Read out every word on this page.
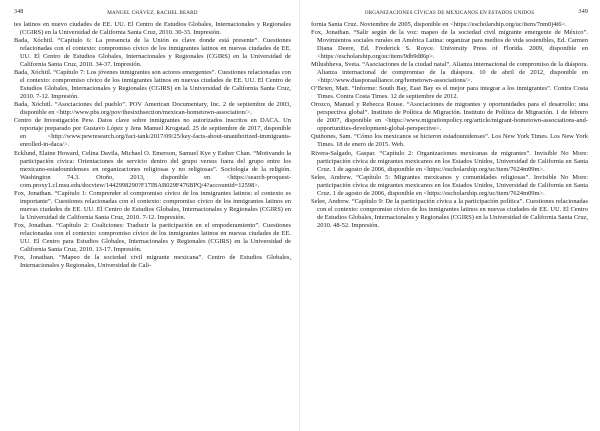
348	MANUEL CHÁVEZ, RACHEL BEARD

tes latinos en nuevo ciudades de EE. UU. El Centro de Estudios Globales, Internacionales y Regionales (CGIRS) en la Universidad de California Santa Cruz, 2010. 30-33. Impresión.

Bada, Xóchitl. “Capítulo 6: La presencia de la Unión es clave donde está presente”. Cuestiones relacionadas con el contexto: compromiso cívico de los inmigrantes latinos en nuevas ciudades de EE. UU. El Centro de Estudios Globales, Internacionales y Regionales (CGIRS) en la Universidad de California Santa Cruz, 2010. 34-37. Impresión.

Bada, Xóchitl. “Capítulo 7: Los jóvenes inmigrantes son actores emergentes”. Cuestiones relacionadas con el contexto: compromiso cívico de los inmigrantes latinos en nuevas ciudades de EE. UU. El Centro de Estudios Globales, Internacionales y Regionales (CGIRS) en la Universidad de California Santa Cruz, 2010. 7-12. Impresión.

Bada, Xóchitl. “Asociaciones del pueblo”. POV American Documentary, Inc. 2 de septiembre de 2003, disponible en <http://www.pbs.org/pov/thesixthsection/mexican-hometown-association/>.

Centro de Investigación Pew. Datos clave sobre inmigrantes no autorizados inscritos en DACA. Un reportaje preparado por Gustavo López y Jens Manuel Krogstad. 25 de septiembre de 2017, disponible en <http://www.pewresearch.org/fact-tank/2017/09/25/key-facts-about-unauthorized-immigrants-enrolled-in-daca/>.

Ecklund, Elaine Howard, Celina Davila, Michael O. Emerson, Samuel Kye y Esther Chan. “Motivando la participación cívica: Orientaciones de servicio dentro del grupo versus fuera del grupo entre los mexicano-estadounidenses en organizaciones religiosas y no religiosas”. Sociología de la religión. Washington 74.3. Otoño, 2013, disponible en <https://search-proquest-com.proxy1.cl.msu.edu/docview/1442998290?F17IBAB029F476BPQ/4?accountid=12598>.

Fox, Jonathan. “Capítulo 1: Comprender el compromiso cívico de los inmigrantes latinos: el contexto es importante”. Cuestiones relacionadas con el contexto: compromiso cívico de los inmigrantes latinos en nuevas ciudades de EE. UU. El Centro de Estudios Globales, Internacionales y Regionales (CGIRS) en la Universidad de California Santa Cruz, 2010. 7-12. Impresión.

Fox, Jonathan. “Capítulo 2: Coaliciones: Traducir la participación en el empoderamiento”. Cuestiones relacionadas con el contexto: compromiso cívico de los inmigrantes latinos en nuevas ciudades de EE. UU. El Centro para Estudios Globales, Internacionales y Regionales (CGIRS) en la Universidad de California Santa Cruz, 2010. 13-17. Impresión.

Fox, Jonathan. “Mapeo de la sociedad civil migrante mexicana”. Centro de Estudios Globales, Internacionales y Regionales, Universidad de Cali-

ORGANIZACIONES CÍVICAS DE MEXICANOS EN ESTADOS UNIDOS	349

fornia Santa Cruz. Noviembre de 2005, disponible en <https://escholarship.org/uc/item/7nm0j4t6>.

Fox, Jonathan. “Salir según de la voz: mapeo de la sociedad civil migrante emergente de México”. Movimientos sociales rurales en América Latina: organizar para medios de vida sostenibles, Ed. Carmen Diana Deere, Ed. Frederick S. Royce. University Press of Florida. 2009, disponible en <https://escholarship.org/uc/item/9db9d86p>.

Milushheva, Sveta. “Asociaciones de la ciudad natal”. Alianza internacional de compromiso de la diáspora. Alianza internacional de compromiso de la diáspora. 10 de abril de 2012, disponible en <http://www.diasporaalliance.org/hometown-associations/>.

O’Brien, Matt. “Informe: South Bay, East Bay es el mejor para integrar a los inmigrantes”. Contra Costa Times. Contra Costa Times. 12 de septiembre de 2012.

Orozco, Manuel y Rebecca Rouse. “Asociaciones de migrantes y oportunidades para el desarrollo: una perspectiva global”. Instituto de Política de Migración. Instituto de Política de Migración. 1 de febrero de 2007, disponible en <https://www.migrationpolicy.org/article/migrant-hometown-associations-and-opportunities-development-global-perspective>.

Quiñones, Sam. “Cómo los mexicanos se hicieron estadounidenses”. Los New York Times. Los New York Times. 18 de enero de 2015. Web.

Rivera-Salgado, Gaspar. “Capítulo 2: Organizaciones mexicanas de migrantes”. Invisible No More: participación cívica de migrantes mexicanos en los Estados Unidos, Universidad de California en Santa Cruz. 1 de agosto de 2006, disponible en <https://escholarship.org/uc/item/7624m09m>.

Selee, Andrew. “Capítulo 5: Migrantes mexicanos y comunidades religiosas”. Invisible No More: participación cívica de migrantes mexicanos en los Estados Unidos, Universidad de California en Santa Cruz. 1 de agosto de 2006, disponible en <https://escholarship.org/uc/item/7624m09m>.

Selee, Andrew. “Capítulo 9: De la participación cívica a la participación política”. Cuestiones relacionadas con el contexto: compromiso cívico de los inmigrantes latinos en nuevas ciudades de EE. UU. El Centro de Estudios Globales, Internacionales y Regionales (CGIRS) en la Universidad de California Santa Cruz, 2010. 48-52. Impresión.
